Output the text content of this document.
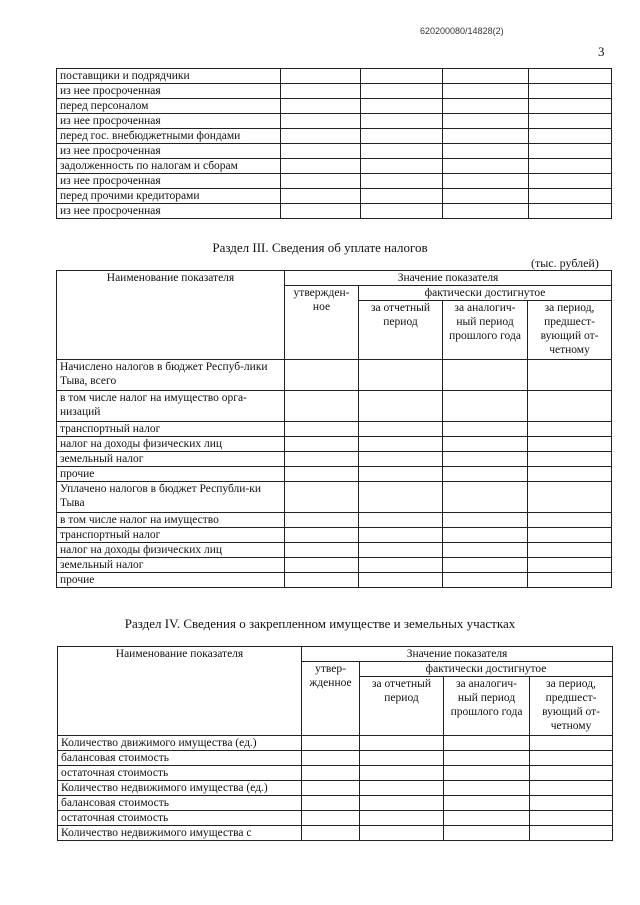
620200080/14828(2)
3
поставщики и подрядчики				
из нее просроченная				
перед персоналом				
из нее просроченная				
перед гос. внебюджетными фондами				
из нее просроченная				
задолженность по налогам и сборам				
из нее просроченная				
перед прочими кредиторами				
из нее просроченная				
Раздел III. Сведения об уплате налогов
(тыс. рублей)
Наименование показателя	Значение показателя			
	утвержден-ное	фактически достигнутое		
		за отчетный период	за аналогич-ный период прошлого года	за период, предшест-вующий от-четному
Начислено налогов в бюджет Респуб-лики Тыва, всего				
в том числе налог на имущество орга-низаций				
транспортный налог				
налог на доходы физических лиц				
земельный налог				
прочие				
Уплачено налогов в бюджет Республи-ки Тыва				
в том числе налог на имущество				
транспортный налог				
налог на доходы физических лиц				
земельный налог				
прочие				
Раздел IV. Сведения о закрепленном имуществе и земельных участках
Наименование показателя	Значение показателя			
	утвер-жденное	фактически достигнутое		
		за отчетный период	за аналогич-ный период прошлого года	за период, предшест-вующий от-четному
Количество движимого имущества (ед.)				
балансовая стоимость				
остаточная стоимость				
Количество недвижимого имущества (ед.)				
балансовая стоимость				
остаточная стоимость				
Количество недвижимого имущества с				
